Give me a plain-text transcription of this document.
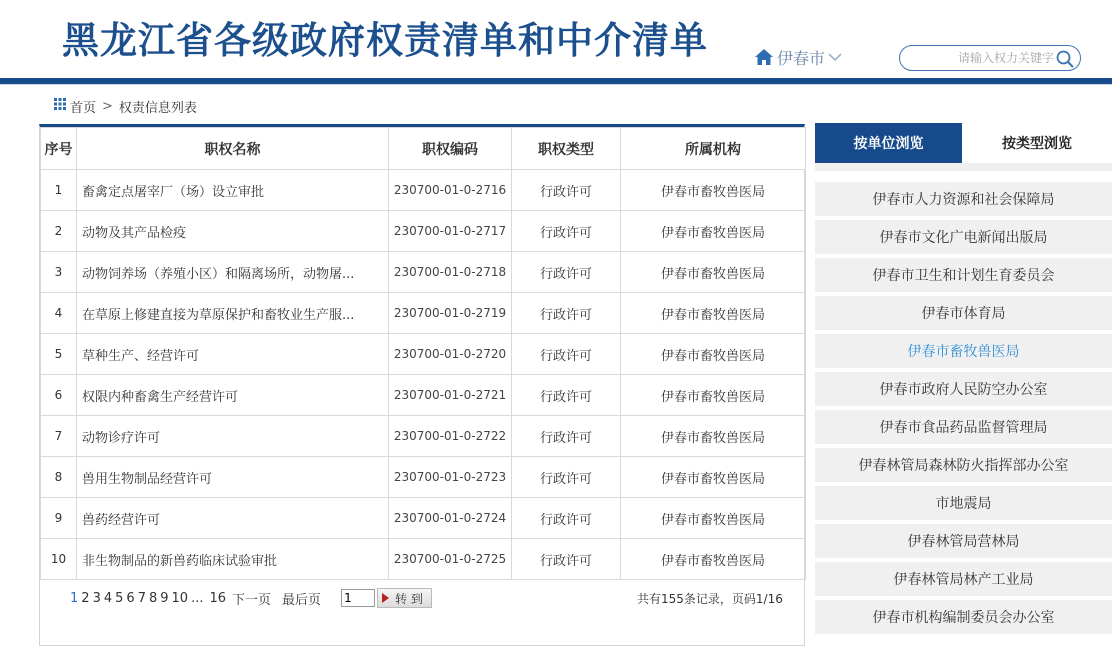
黑龙江省各级政府权责清单和中介清单	伊春市
请输入权力关键字
首页 > 权责信息列表
序号	职权名称	职权编码	职权类型	所属机构
1	畜禽定点屠宰厂（场）设立审批	230700-01-0-2716	行政许可	伊春市畜牧兽医局
2	动物及其产品检疫	230700-01-0-2717	行政许可	伊春市畜牧兽医局
3	动物饲养场（养殖小区）和隔离场所，动物屠...	230700-01-0-2718	行政许可	伊春市畜牧兽医局
4	在草原上修建直接为草原保护和畜牧业生产服...	230700-01-0-2719	行政许可	伊春市畜牧兽医局
5	草种生产、经营许可	230700-01-0-2720	行政许可	伊春市畜牧兽医局
6	权限内种畜禽生产经营许可	230700-01-0-2721	行政许可	伊春市畜牧兽医局
7	动物诊疗许可	230700-01-0-2722	行政许可	伊春市畜牧兽医局
8	兽用生物制品经营许可	230700-01-0-2723	行政许可	伊春市畜牧兽医局
9	兽药经营许可	230700-01-0-2724	行政许可	伊春市畜牧兽医局
10	非生物制品的新兽药临床试验审批	230700-01-0-2725	行政许可	伊春市畜牧兽医局
1 2 3 4 5 6 7 8 9 10 ... 16 下一页 最后页
1	转 到	共有155条记录，页码1/16
按单位浏览	按类型浏览
伊春市人力资源和社会保障局
伊春市文化广电新闻出版局
伊春市卫生和计划生育委员会
伊春市体育局
伊春市畜牧兽医局
伊春市政府人民防空办公室
伊春市食品药品监督管理局
伊春林管局森林防火指挥部办公室
市地震局
伊春林管局营林局
伊春林管局林产工业局
伊春市机构编制委员会办公室
